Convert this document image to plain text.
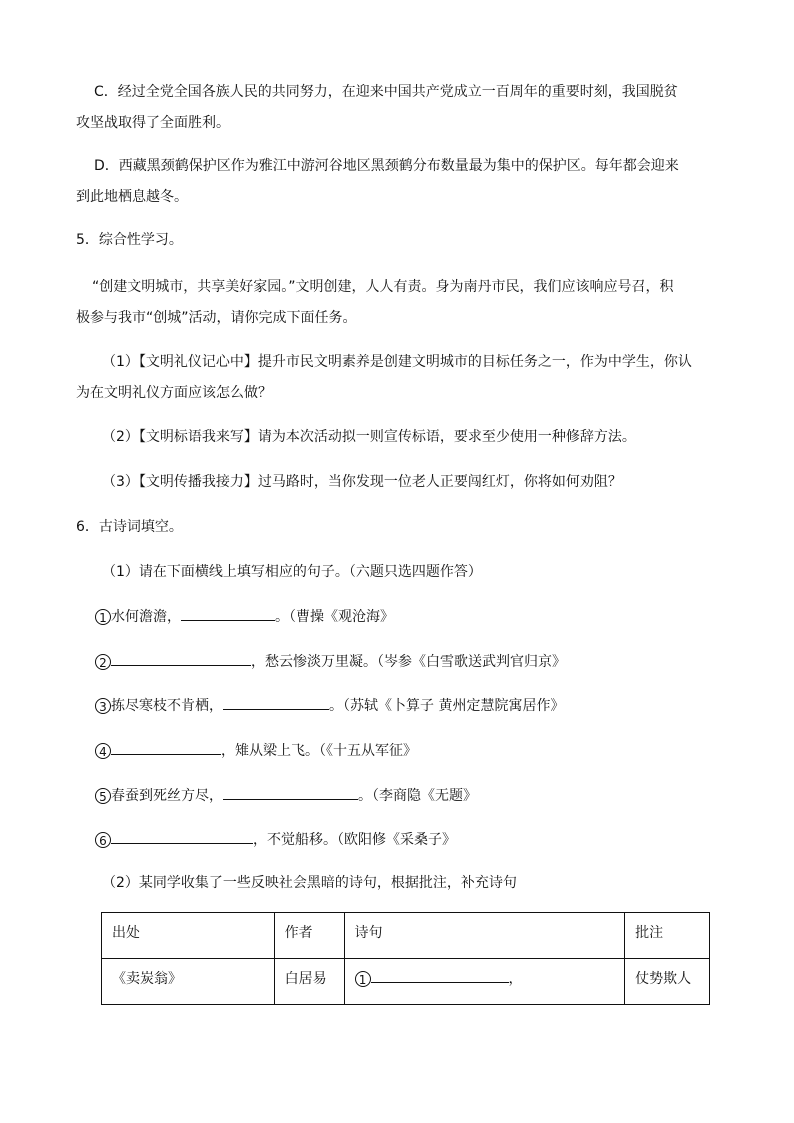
C．经过全党全国各族人民的共同努力，在迎来中国共产党成立一百周年的重要时刻，我国脱贫
攻坚战取得了全面胜利。
D．西藏黑颈鹤保护区作为雅江中游河谷地区黑颈鹤分布数量最为集中的保护区。每年都会迎来
到此地栖息越冬。
5．综合性学习。
“创建文明城市，共享美好家园。”文明创建，人人有责。身为南丹市民，我们应该响应号召，积
极参与我市“创城”活动，请你完成下面任务。
（1）【文明礼仪记心中】提升市民文明素养是创建文明城市的目标任务之一，作为中学生，你认
为在文明礼仪方面应该怎么做？
（2）【文明标语我来写】请为本次活动拟一则宣传标语，要求至少使用一种修辞方法。
（3）【文明传播我接力】过马路时，当你发现一位老人正要闯红灯，你将如何劝阻？
6．古诗词填空。
（1）请在下面横线上填写相应的句子。（六题只选四题作答）
1 水何澹澹，	。（曹操《观沧海》
2	，愁云惨淡万里凝。（岑参《白雪歌送武判官归京》
3 拣尽寒枝不肯栖，	。（苏轼《卜算子 黄州定慧院寓居作》
4	，雉从梁上飞。（《十五从军征》
5 春蚕到死丝方尽，	。（李商隐《无题》
6	，不觉船移。（欧阳修《采桑子》
（2）某同学收集了一些反映社会黑暗的诗句，根据批注，补充诗句
出处	作者	诗句	批注
《卖炭翁》	白居易	1 ，	仗势欺人
